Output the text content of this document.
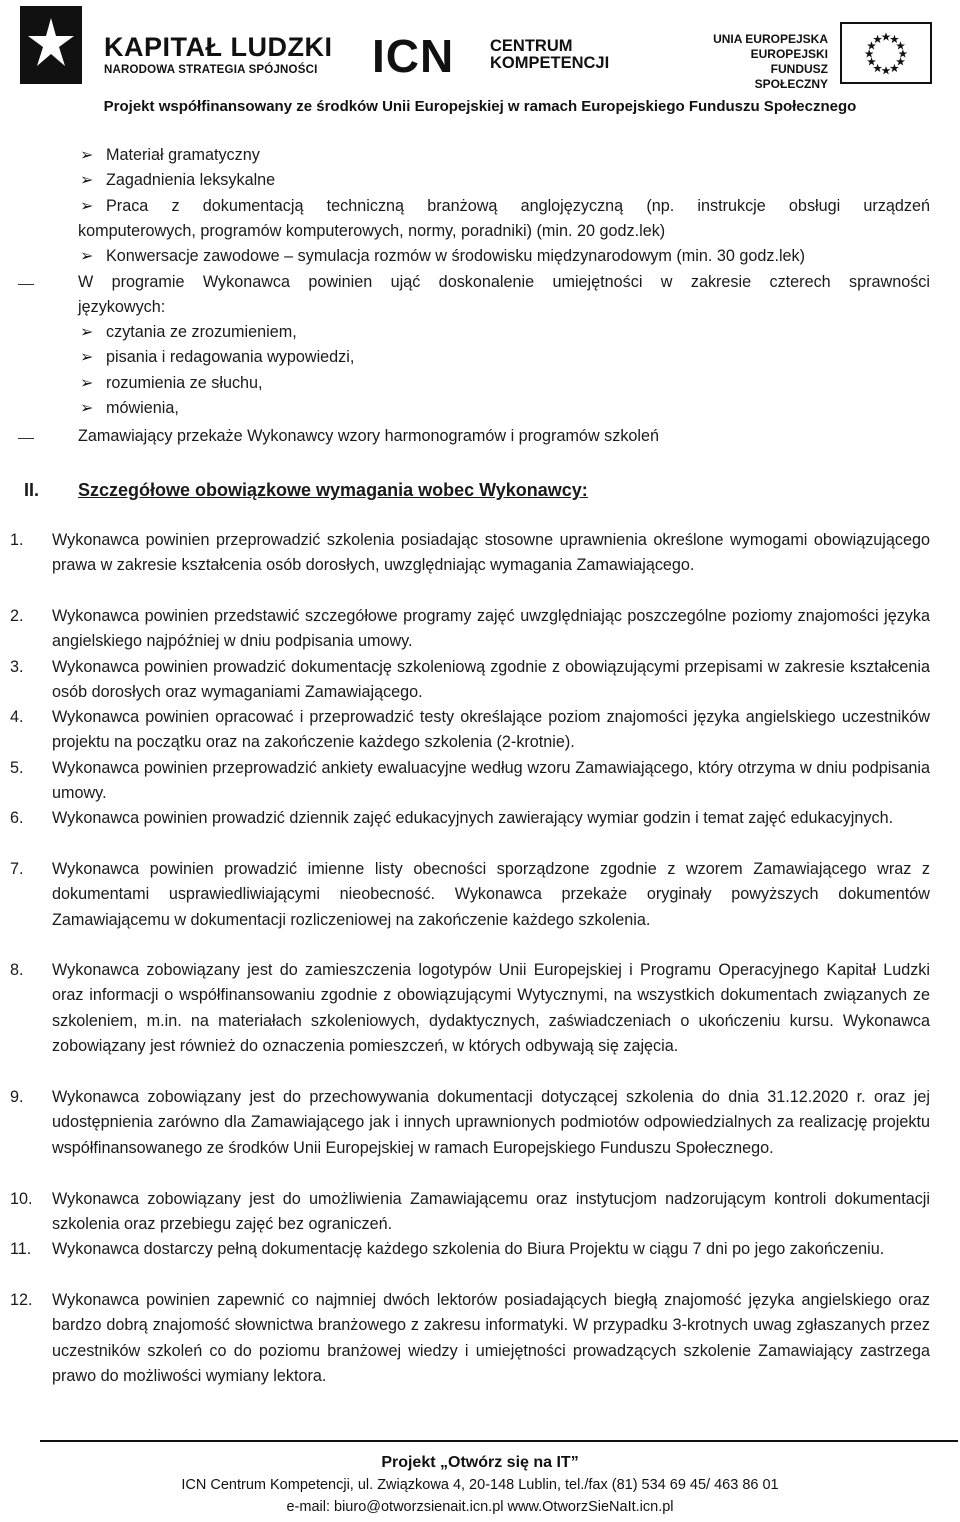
KAPITAŁ LUDZKI
NARODOWA STRATEGIA SPÓJNOŚCI ICN CENTRUM
KOMPETENCJI
UNIA EUROPEJSKA
EUROPEJSKI
FUNDUSZ SPOŁECZNY
Projekt współfinansowany ze środków Unii Europejskiej w ramach Europejskiego Funduszu Społecznego
➢ Materiał gramatyczny
➢ Zagadnienia leksykalne
➢ Praca z dokumentacją techniczną branżową anglojęzyczną (np. instrukcje obsługi urządzeń
komputerowych, programów komputerowych, normy, poradniki) (min. 20 godz.lek)
➢ Konwersacje zawodowe – symulacja rozmów w środowisku międzynarodowym (min. 30 godz.lek)
W programie Wykonawca powinien ująć doskonalenie umiejętności w zakresie czterech sprawności
językowych:
➢ czytania ze zrozumieniem,
➢ pisania i redagowania wypowiedzi,
➢ rozumienia ze słuchu,
➢ mówienia,
Zamawiający przekaże Wykonawcy wzory harmonogramów i programów szkoleń
II. Szczegółowe obowiązkowe wymagania wobec Wykonawcy:
1.	Wykonawca powinien przeprowadzić szkolenia posiadając stosowne uprawnienia określone wymogami obowiązującego prawa w zakresie kształcenia osób dorosłych, uwzględniając wymagania Zamawiającego.
2.	Wykonawca powinien przedstawić szczegółowe programy zajęć uwzględniając poszczególne poziomy znajomości języka angielskiego najpóźniej w dniu podpisania umowy.
3.	Wykonawca powinien prowadzić dokumentację szkoleniową zgodnie z obowiązującymi przepisami w zakresie kształcenia osób dorosłych oraz wymaganiami Zamawiającego.
4.	Wykonawca powinien opracować i przeprowadzić testy określające poziom znajomości języka angielskiego uczestników projektu na początku oraz na zakończenie każdego szkolenia (2-krotnie).
5.	Wykonawca powinien przeprowadzić ankiety ewaluacyjne według wzoru Zamawiającego, który otrzyma w dniu podpisania umowy.
6.	Wykonawca powinien prowadzić dziennik zajęć edukacyjnych zawierający wymiar godzin i temat zajęć edukacyjnych.
7.	Wykonawca powinien prowadzić imienne listy obecności sporządzone zgodnie z wzorem Zamawiającego wraz z dokumentami usprawiedliwiającymi nieobecność. Wykonawca przekaże oryginały powyższych dokumentów Zamawiającemu w dokumentacji rozliczeniowej na zakończenie każdego szkolenia.
8.	Wykonawca zobowiązany jest do zamieszczenia logotypów Unii Europejskiej i Programu Operacyjnego Kapitał Ludzki oraz informacji o współfinansowaniu zgodnie z obowiązującymi Wytycznymi, na wszystkich dokumentach związanych ze szkoleniem, m.in. na materiałach szkoleniowych, dydaktycznych, zaświadczeniach o ukończeniu kursu. Wykonawca zobowiązany jest również do oznaczenia pomieszczeń, w których odbywają się zajęcia.
9.	Wykonawca zobowiązany jest do przechowywania dokumentacji dotyczącej szkolenia do dnia 31.12.2020 r. oraz jej udostępnienia zarówno dla Zamawiającego jak i innych uprawnionych podmiotów odpowiedzialnych za realizację projektu współfinansowanego ze środków Unii Europejskiej w ramach Europejskiego Funduszu Społecznego.
10.	Wykonawca zobowiązany jest do umożliwienia Zamawiającemu oraz instytucjom nadzorującym kontroli dokumentacji szkolenia oraz przebiegu zajęć bez ograniczeń.
11.	Wykonawca dostarczy pełną dokumentację każdego szkolenia do Biura Projektu w ciągu 7 dni po jego zakończeniu.
12.	Wykonawca powinien zapewnić co najmniej dwóch lektorów posiadających biegłą znajomość języka angielskiego oraz bardzo dobrą znajomość słownictwa branżowego z zakresu informatyki. W przypadku 3-krotnych uwag zgłaszanych przez uczestników szkoleń co do poziomu branżowej wiedzy i umiejętności prowadzących szkolenie Zamawiający zastrzega prawo do możliwości wymiany lektora.
Projekt „Otwórz się na IT”
ICN Centrum Kompetencji, ul. Związkowa 4, 20-148 Lublin, tel./fax (81) 534 69 45/ 463 86 01
e-mail: biuro@otworzsienait.icn.pl www.OtworzSieNaIt.icn.pl
